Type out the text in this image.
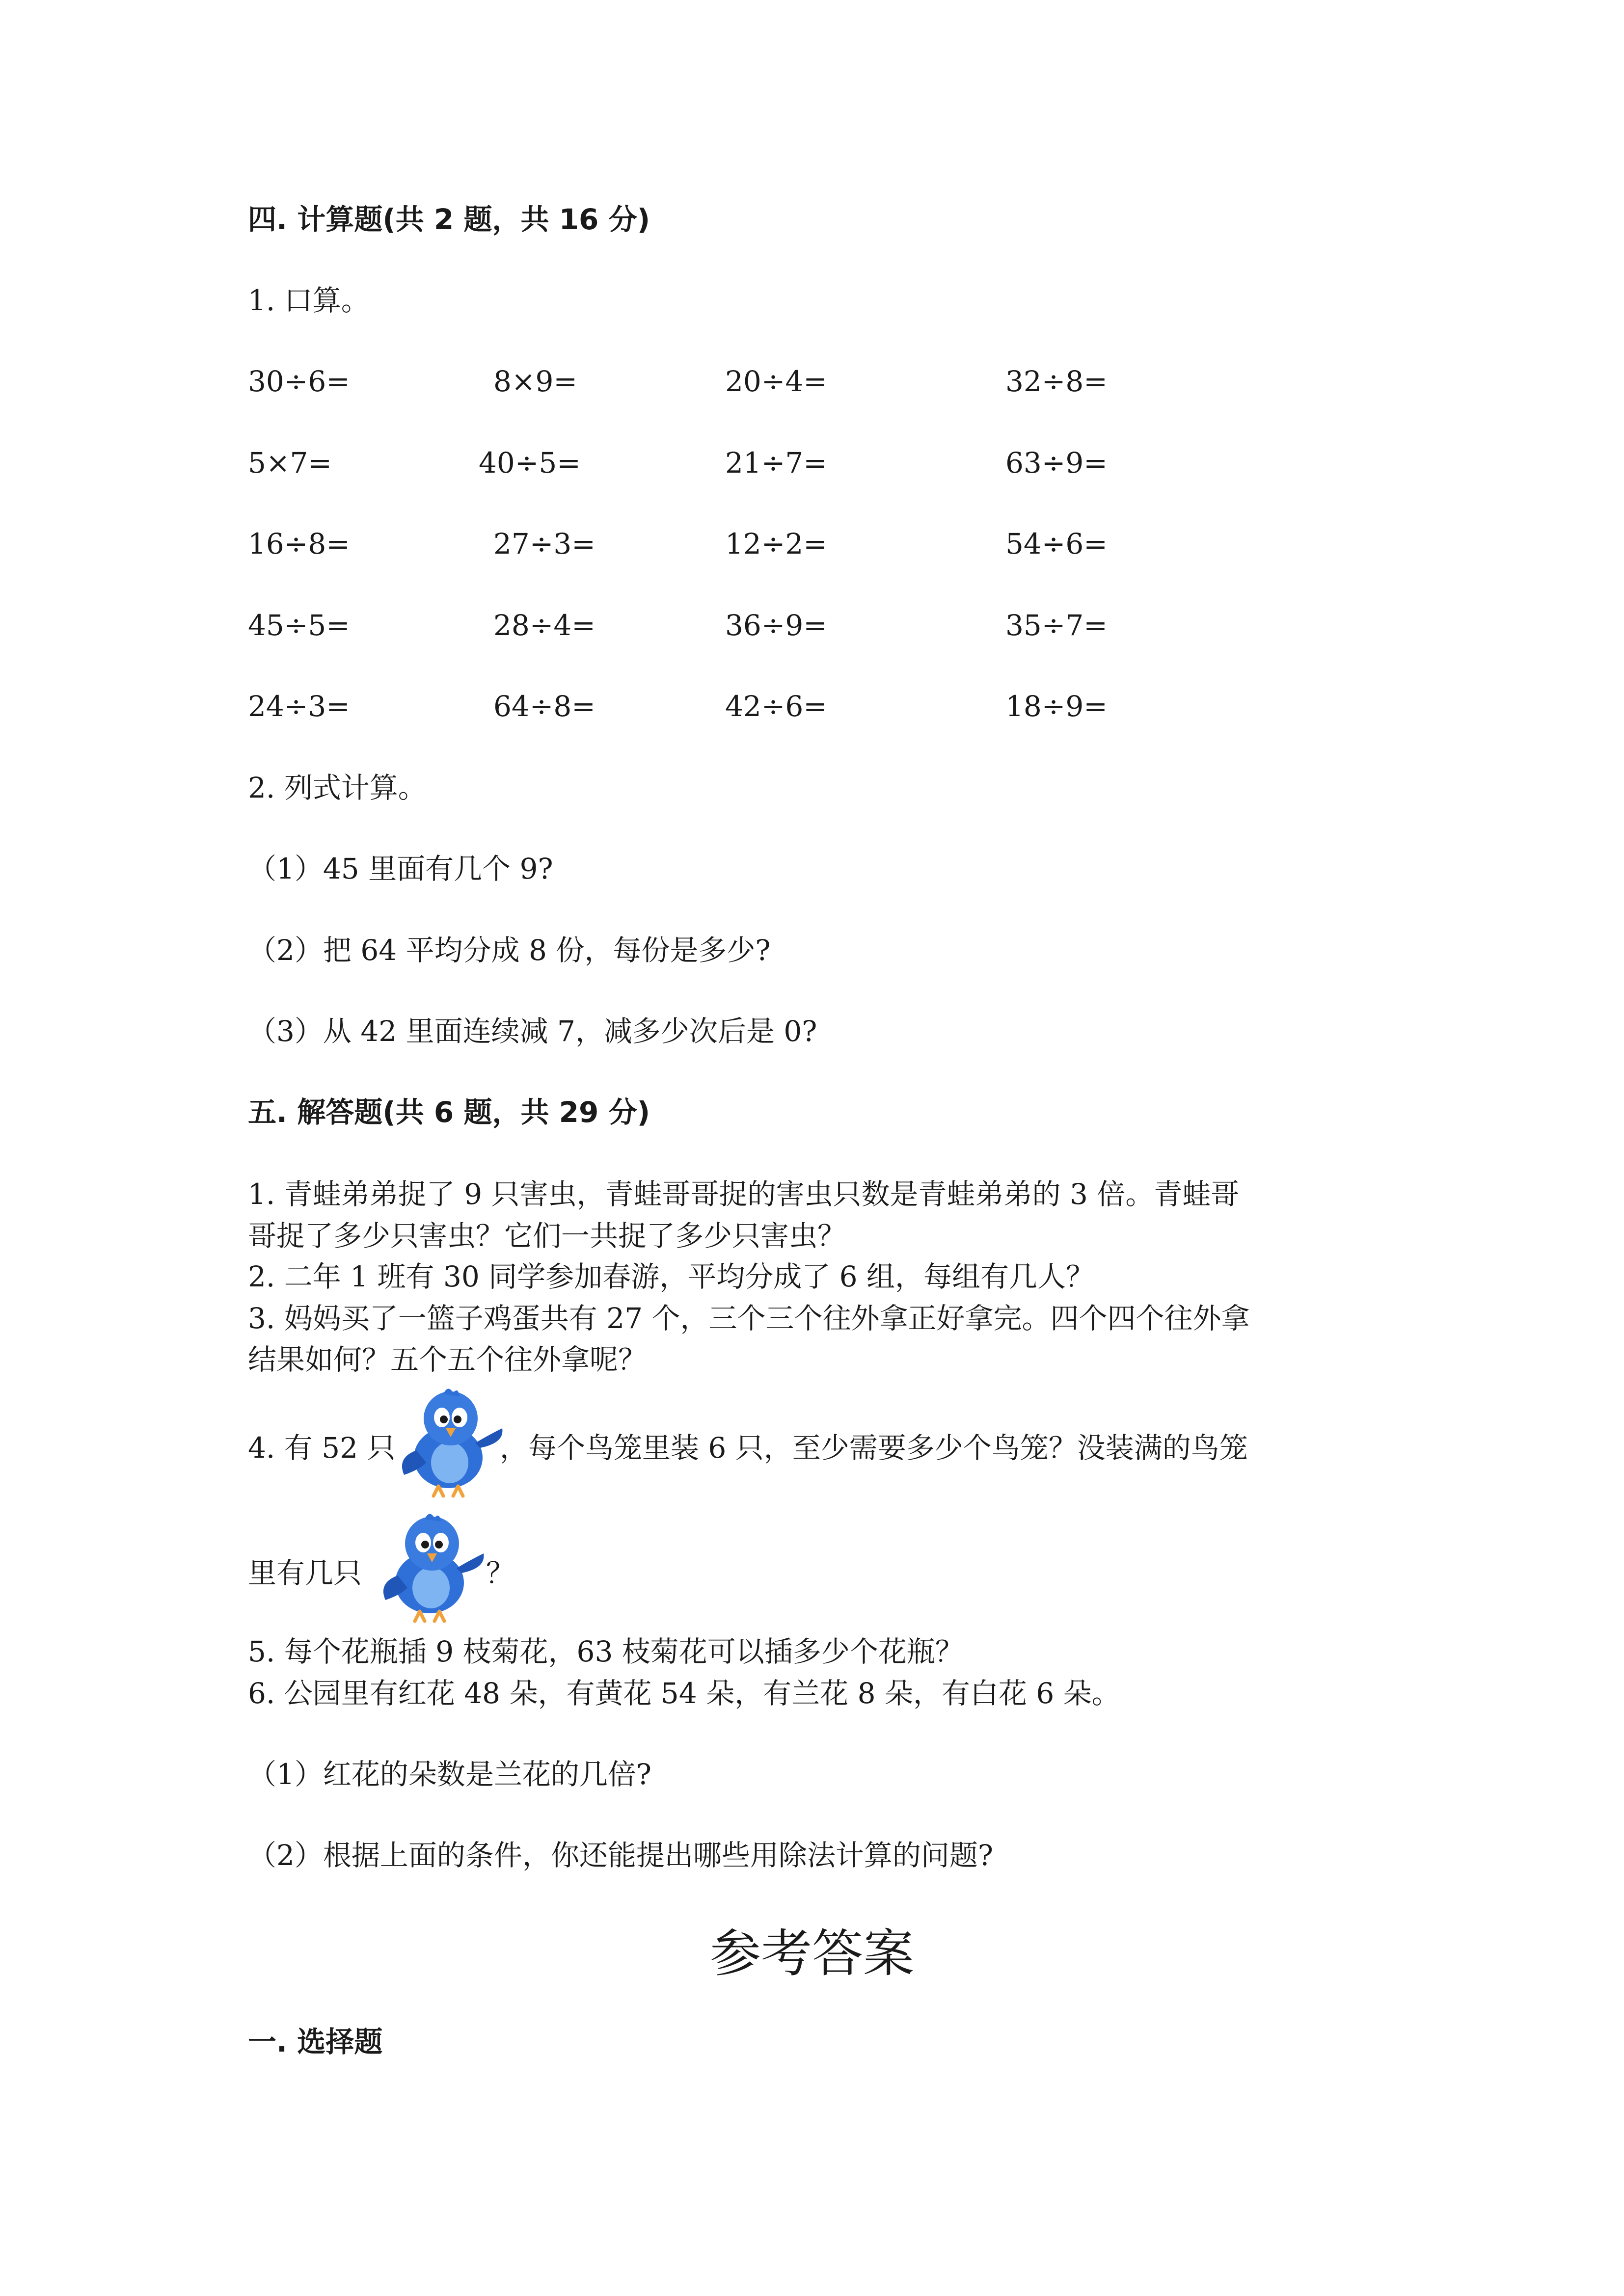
四. 计算题(共 2 题，共 16 分)
1. 口算。
30÷6=	8×9=	20÷4=	32÷8=
5×7=	40÷5=	21÷7=	63÷9=
16÷8=	27÷3=	12÷2=	54÷6=
45÷5=	28÷4=	36÷9=	35÷7=
24÷3=	64÷8=	42÷6=	18÷9=
2. 列式计算。
（1）45 里面有几个 9?
（2）把 64 平均分成 8 份，每份是多少?
（3）从 42 里面连续减 7，减多少次后是 0?
五. 解答题(共 6 题，共 29 分)
1. 青蛙弟弟捉了 9 只害虫，青蛙哥哥捉的害虫只数是青蛙弟弟的 3 倍。青蛙哥
哥捉了多少只害虫？它们一共捉了多少只害虫？
2. 二年 1 班有 30 同学参加春游，平均分成了 6 组，每组有几人？
3. 妈妈买了一篮子鸡蛋共有 27 个，三个三个往外拿正好拿完。四个四个往外拿
结果如何？五个五个往外拿呢？
4. 有 52 只	，每个鸟笼里装 6 只，至少需要多少个鸟笼？没装满的鸟笼
里有几只	？
5. 每个花瓶插 9 枝菊花，63 枝菊花可以插多少个花瓶？
6. 公园里有红花 48 朵，有黄花 54 朵，有兰花 8 朵，有白花 6 朵。
（1）红花的朵数是兰花的几倍?
（2）根据上面的条件，你还能提出哪些用除法计算的问题?
参考答案
一. 选择题
